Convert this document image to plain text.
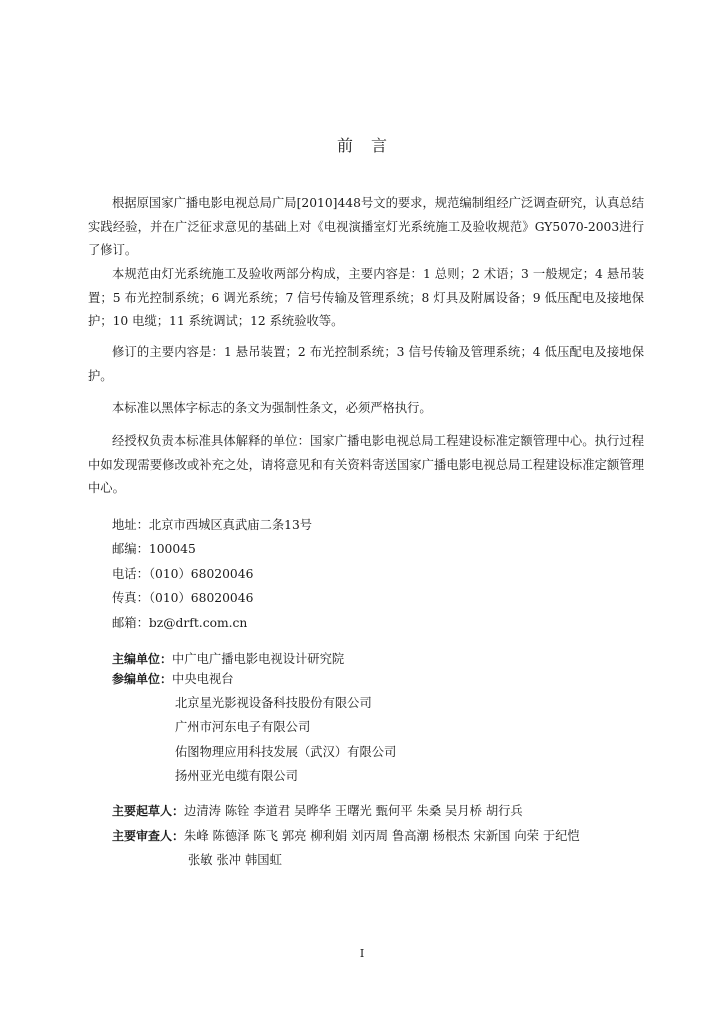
前 言
根据原国家广播电影电视总局广局[2010]448号文的要求，规范编制组经广泛调查研究，认真总结实践经验，并在广泛征求意见的基础上对《电视演播室灯光系统施工及验收规范》GY5070-2003进行了修订。
本规范由灯光系统施工及验收两部分构成，主要内容是：1 总则；2 术语；3 一般规定；4 悬吊装置；5 布光控制系统；6 调光系统；7 信号传输及管理系统；8 灯具及附属设备；9 低压配电及接地保护；10 电缆；11 系统调试；12 系统验收等。
修订的主要内容是：1 悬吊装置；2 布光控制系统；3 信号传输及管理系统；4 低压配电及接地保护。
本标准以黑体字标志的条文为强制性条文，必须严格执行。
经授权负责本标准具体解释的单位：国家广播电影电视总局工程建设标准定额管理中心。执行过程中如发现需要修改或补充之处，请将意见和有关资料寄送国家广播电影电视总局工程建设标准定额管理中心。
地址：北京市西城区真武庙二条13号
邮编：100045
电话：（010）68020046
传真：（010）68020046
邮箱：bz@drft.com.cn
主编单位：中广电广播电影电视设计研究院
参编单位：中央电视台
北京星光影视设备科技股份有限公司
广州市河东电子有限公司
佑图物理应用科技发展（武汉）有限公司
扬州亚光电缆有限公司
主要起草人：边清涛 陈铨 李道君 吴晔华 王曙光 甄何平 朱桑 吴月桥 胡行兵
主要审查人：朱峰 陈德泽 陈飞 郭亮 柳利娟 刘丙周 鲁高潮 杨根杰 宋新国 向荣 于纪恺
张敏 张冲 韩国虹
I
